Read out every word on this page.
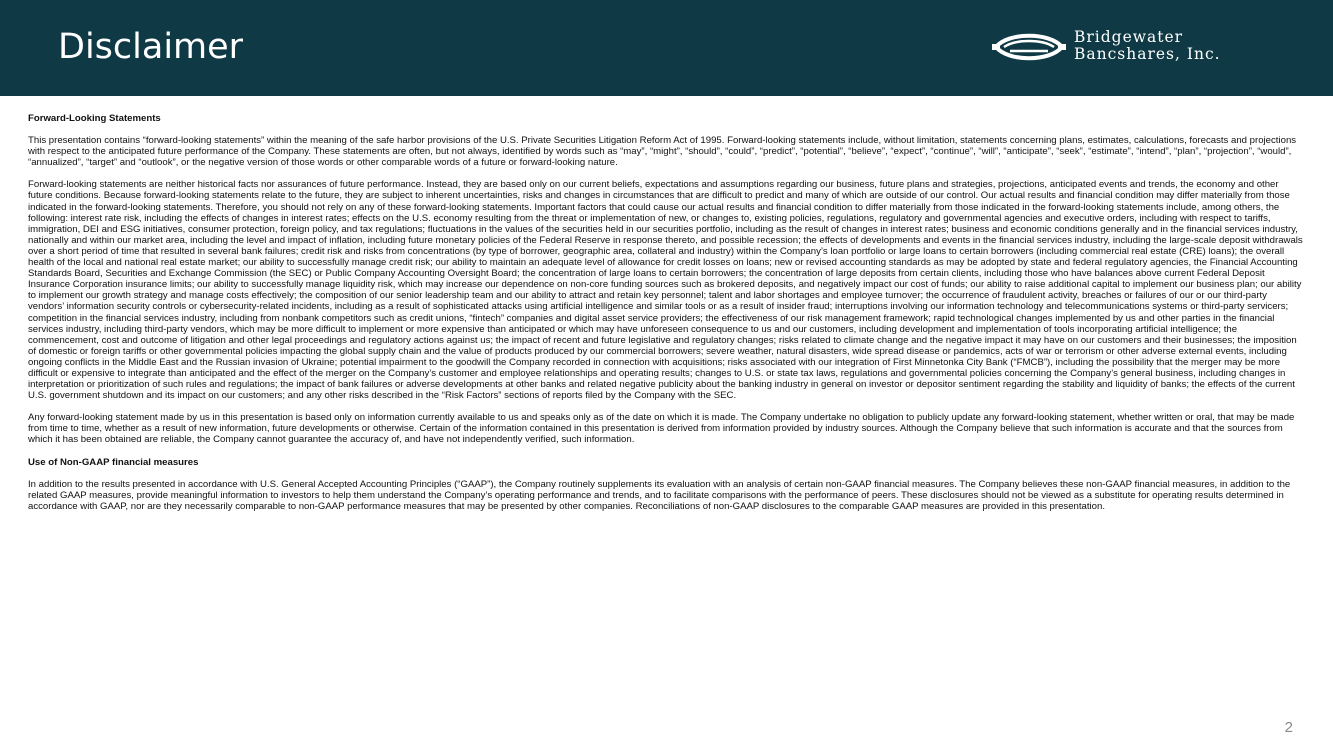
Disclaimer	Bridgewater
Bancshares, Inc.
Forward-Looking Statements

This presentation contains “forward-looking statements” within the meaning of the safe harbor provisions of the U.S. Private Securities Litigation Reform Act of 1995. Forward-looking statements include, without limitation, statements concerning plans, estimates, calculations, forecasts and projections with respect to the anticipated future performance of the Company. These statements are often, but not always, identified by words such as “may”, “might”, “should”, “could”, “predict”, “potential”, “believe”, “expect”, “continue”, “will”, “anticipate”, “seek”, “estimate”, “intend”, “plan”, “projection”, “would”, “annualized”, “target” and “outlook”, or the negative version of those words or other comparable words of a future or forward-looking nature.

Forward-looking statements are neither historical facts nor assurances of future performance. Instead, they are based only on our current beliefs, expectations and assumptions regarding our business, future plans and strategies, projections, anticipated events and trends, the economy and other future conditions. Because forward-looking statements relate to the future, they are subject to inherent uncertainties, risks and changes in circumstances that are difficult to predict and many of which are outside of our control. Our actual results and financial condition may differ materially from those indicated in the forward-looking statements. Therefore, you should not rely on any of these forward-looking statements. Important factors that could cause our actual results and financial condition to differ materially from those indicated in the forward-looking statements include, among others, the following: interest rate risk, including the effects of changes in interest rates; effects on the U.S. economy resulting from the threat or implementation of new, or changes to, existing policies, regulations, regulatory and governmental agencies and executive orders, including with respect to tariffs, immigration, DEI and ESG initiatives, consumer protection, foreign policy, and tax regulations; fluctuations in the values of the securities held in our securities portfolio, including as the result of changes in interest rates; business and economic conditions generally and in the financial services industry, nationally and within our market area, including the level and impact of inflation, including future monetary policies of the Federal Reserve in response thereto, and possible recession; the effects of developments and events in the financial services industry, including the large-scale deposit withdrawals over a short period of time that resulted in several bank failures; credit risk and risks from concentrations (by type of borrower, geographic area, collateral and industry) within the Company’s loan portfolio or large loans to certain borrowers (including commercial real estate (CRE) loans); the overall health of the local and national real estate market; our ability to successfully manage credit risk; our ability to maintain an adequate level of allowance for credit losses on loans; new or revised accounting standards as may be adopted by state and federal regulatory agencies, the Financial Accounting Standards Board, Securities and Exchange Commission (the SEC) or Public Company Accounting Oversight Board; the concentration of large loans to certain borrowers; the concentration of large deposits from certain clients, including those who have balances above current Federal Deposit Insurance Corporation insurance limits; our ability to successfully manage liquidity risk, which may increase our dependence on non-core funding sources such as brokered deposits, and negatively impact our cost of funds; our ability to raise additional capital to implement our business plan; our ability to implement our growth strategy and manage costs effectively; the composition of our senior leadership team and our ability to attract and retain key personnel; talent and labor shortages and employee turnover; the occurrence of fraudulent activity, breaches or failures of our or our third-party vendors’ information security controls or cybersecurity-related incidents, including as a result of sophisticated attacks using artificial intelligence and similar tools or as a result of insider fraud; interruptions involving our information technology and telecommunications systems or third-party servicers; competition in the financial services industry, including from nonbank competitors such as credit unions, “fintech” companies and digital asset service providers; the effectiveness of our risk management framework; rapid technological changes implemented by us and other parties in the financial services industry, including third-party vendors, which may be more difficult to implement or more expensive than anticipated or which may have unforeseen consequence to us and our customers, including development and implementation of tools incorporating artificial intelligence; the commencement, cost and outcome of litigation and other legal proceedings and regulatory actions against us; the impact of recent and future legislative and regulatory changes; risks related to climate change and the negative impact it may have on our customers and their businesses; the imposition of domestic or foreign tariffs or other governmental policies impacting the global supply chain and the value of products produced by our commercial borrowers; severe weather, natural disasters, wide spread disease or pandemics, acts of war or terrorism or other adverse external events, including ongoing conflicts in the Middle East and the Russian invasion of Ukraine; potential impairment to the goodwill the Company recorded in connection with acquisitions; risks associated with our integration of First Minnetonka City Bank (“FMCB”), including the possibility that the merger may be more difficult or expensive to integrate than anticipated and the effect of the merger on the Company’s customer and employee relationships and operating results; changes to U.S. or state tax laws, regulations and governmental policies concerning the Company’s general business, including changes in interpretation or prioritization of such rules and regulations; the impact of bank failures or adverse developments at other banks and related negative publicity about the banking industry in general on investor or depositor sentiment regarding the stability and liquidity of banks; the effects of the current U.S. government shutdown and its impact on our customers; and any other risks described in the “Risk Factors” sections of reports filed by the Company with the SEC.

Any forward-looking statement made by us in this presentation is based only on information currently available to us and speaks only as of the date on which it is made. The Company undertake no obligation to publicly update any forward-looking statement, whether written or oral, that may be made from time to time, whether as a result of new information, future developments or otherwise. Certain of the information contained in this presentation is derived from information provided by industry sources. Although the Company believe that such information is accurate and that the sources from which it has been obtained are reliable, the Company cannot guarantee the accuracy of, and have not independently verified, such information.

Use of Non-GAAP financial measures

In addition to the results presented in accordance with U.S. General Accepted Accounting Principles (“GAAP”), the Company routinely supplements its evaluation with an analysis of certain non-GAAP financial measures. The Company believes these non-GAAP financial measures, in addition to the related GAAP measures, provide meaningful information to investors to help them understand the Company’s operating performance and trends, and to facilitate comparisons with the performance of peers. These disclosures should not be viewed as a substitute for operating results determined in accordance with GAAP, nor are they necessarily comparable to non-GAAP performance measures that may be presented by other companies. Reconciliations of non-GAAP disclosures to the comparable GAAP measures are provided in this presentation.

2
